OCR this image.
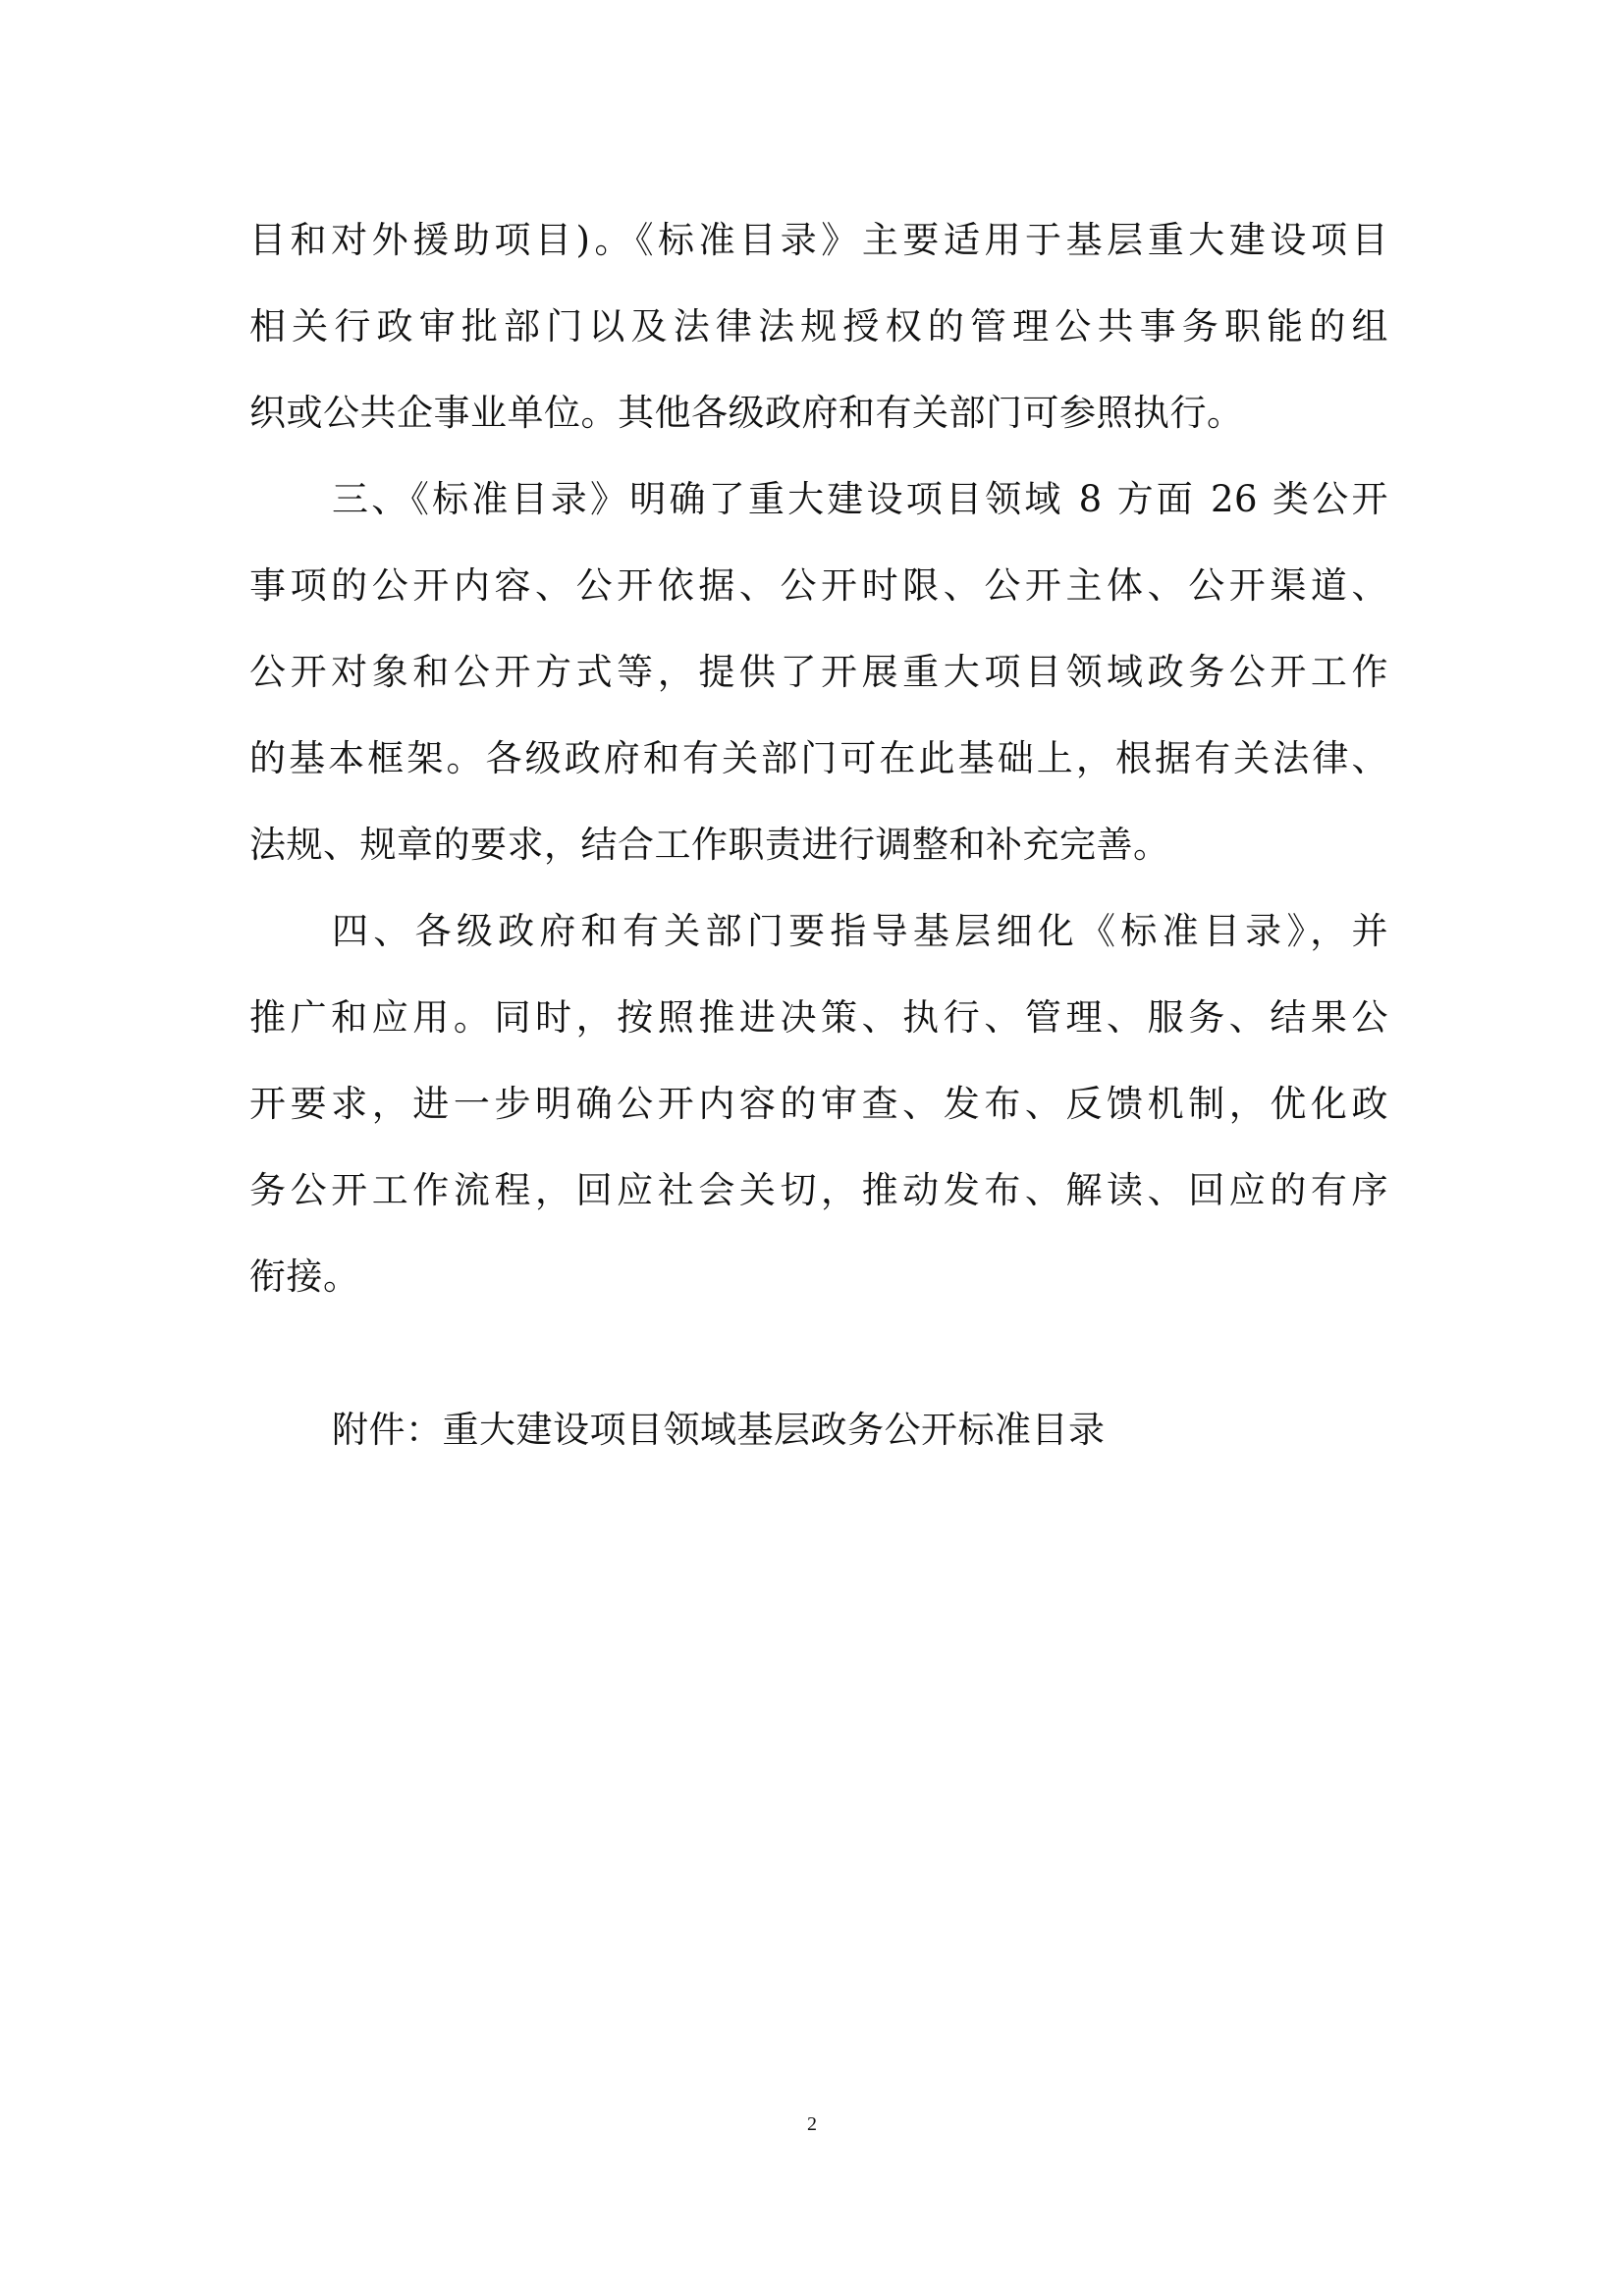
目和对外援助项目)。《标准目录》主要适用于基层重大建设项目
相关行政审批部门以及法律法规授权的管理公共事务职能的组
织或公共企事业单位。其他各级政府和有关部门可参照执行。
三、《标准目录》明确了重大建设项目领域 8 方面 26 类公开
事项的公开内容、公开依据、公开时限、公开主体、公开渠道、
公开对象和公开方式等，提供了开展重大项目领域政务公开工作
的基本框架。各级政府和有关部门可在此基础上，根据有关法律、
法规、规章的要求，结合工作职责进行调整和补充完善。
四、各级政府和有关部门要指导基层细化《标准目录》，并
推广和应用。同时，按照推进决策、执行、管理、服务、结果公
开要求，进一步明确公开内容的审查、发布、反馈机制，优化政
务公开工作流程，回应社会关切，推动发布、解读、回应的有序
衔接。
附件：重大建设项目领域基层政务公开标准目录
2
